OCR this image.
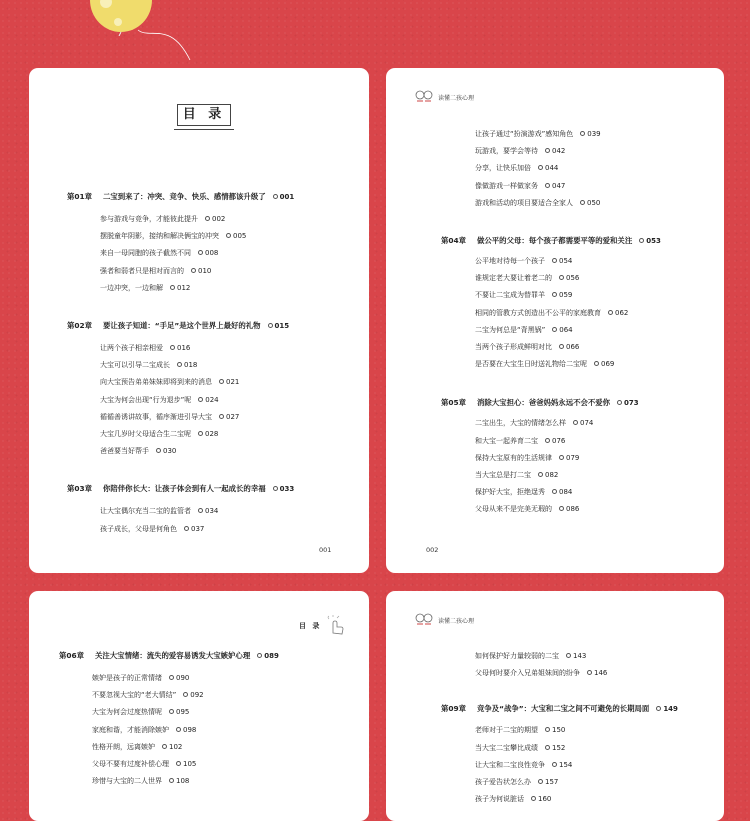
目 录
第01章 二宝到来了：冲突、竞争、快乐、感情都该升级了 001
参与游戏与竞争，才能彼此提升 002
摆脱童年阴影，接纳和解决俩宝的冲突 005
来自一母同胞的孩子截然不同 008
强者和弱者只是相对而言的 010
一边冲突，一边和解 012
第02章 要让孩子知道：“手足”是这个世界上最好的礼物 015
让两个孩子相亲相爱 016
大宝可以引导二宝成长 018
向大宝预告弟弟妹妹即将到来的消息 021
大宝为何会出现“行为退步”呢 024
循循善诱讲故事，循序渐进引导大宝 027
大宝几岁时父母适合生二宝呢 028
爸爸要当好帮手 030
第03章 你陪伴你长大：让孩子体会到有人一起成长的幸福 033
让大宝偶尔充当二宝的监管者 034
孩子成长，父母是何角色 037
001
读懂二孩心理
让孩子通过“扮演游戏”感知角色 039
玩游戏，要学会等待 042
分享，让快乐加倍 044
像做游戏一样做家务 047
游戏和活动的项目要适合全家人 050
第04章 做公平的父母：每个孩子都需要平等的爱和关注 053
公平地对待每一个孩子 054
谁规定老大要让着老二的 056
不要让二宝成为替罪羊 059
相同的管教方式创造出不公平的家庭教育 062
二宝为何总是“背黑锅” 064
当两个孩子形成鲜明对比 066
是否要在大宝生日时送礼物给二宝呢 069
第05章 消除大宝担心：爸爸妈妈永远不会不爱你 073
二宝出生，大宝的情绪怎么样 074
和大宝一起养育二宝 076
保持大宝原有的生活规律 079
当大宝总是打二宝 082
保护好大宝，拒绝逞秀 084
父母从来不是完美无瑕的 086
002
目 录
第06章 关注大宝情绪：流失的爱容易诱发大宝嫉妒心理 089
嫉妒是孩子的正常情绪 090
不要忽视大宝的“老大情结” 092
大宝为何会过度热情呢 095
家庭和谐，才能消除嫉妒 098
性格开朗，远离嫉妒 102
父母不要有过度补偿心理 105
珍惜与大宝的二人世界 108
读懂二孩心理
如何保护好力量较弱的二宝 143
父母何时要介入兄弟姐妹间的纷争 146
第09章 竞争及“战争”：大宝和二宝之间不可避免的长期局面 149
老师对于二宝的期望 150
当大宝二宝攀比成绩 152
让大宝和二宝良性竞争 154
孩子爱告状怎么办 157
孩子为何说脏话 160
